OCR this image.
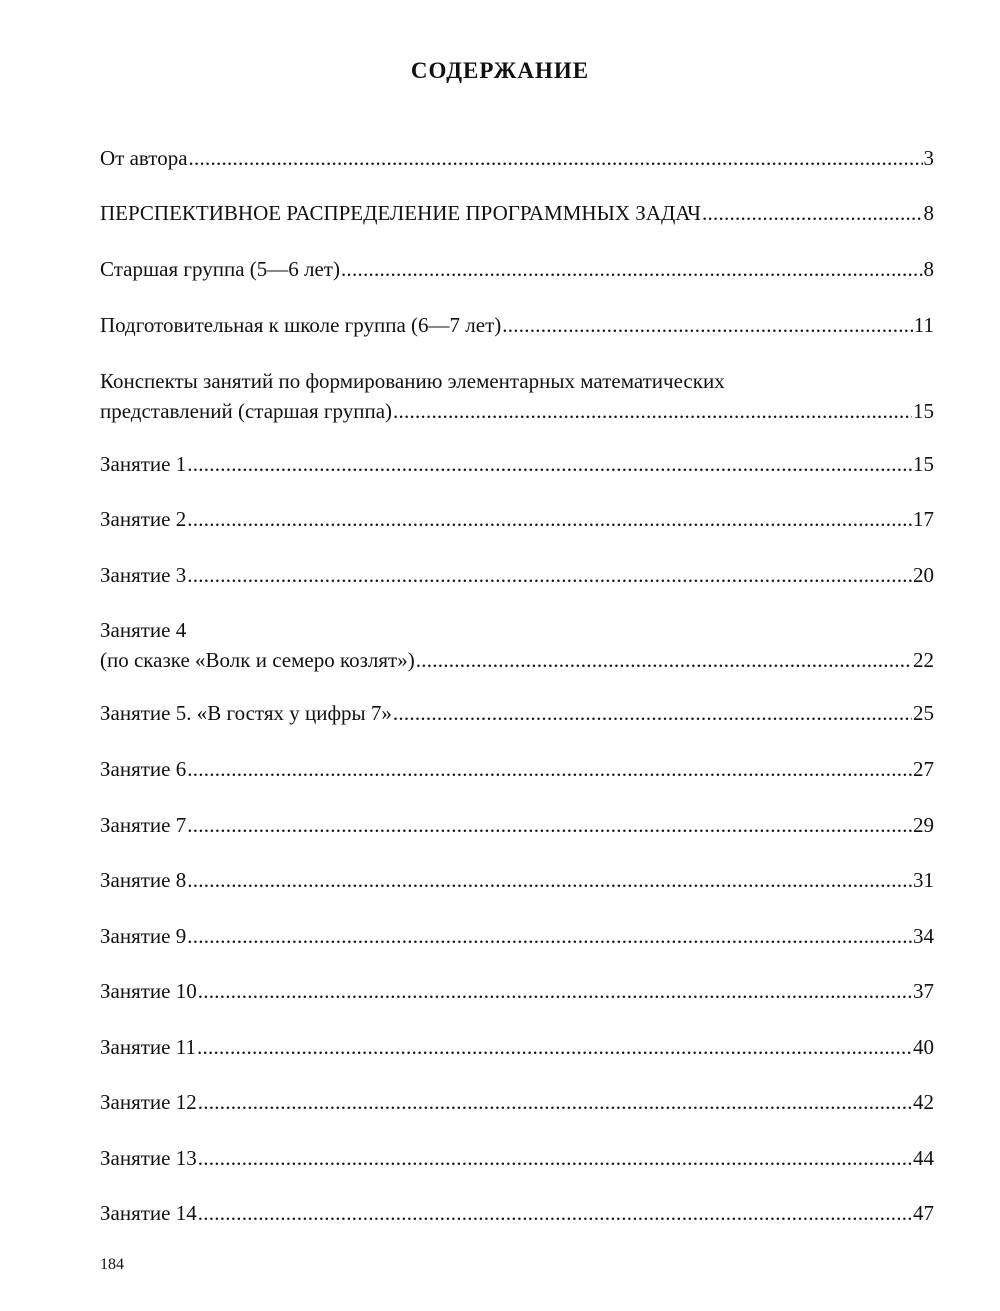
СОДЕРЖАНИЕ
От автора . . .	3
ПЕРСПЕКТИВНОЕ РАСПРЕДЕЛЕНИЕ ПРОГРАММНЫХ ЗАДАЧ . . .	8
Старшая группа (5—6 лет) . . .	8
Подготовительная к школе группа (6—7 лет) . . .	11
Конспекты занятий по формированию элементарных математических
представлений (старшая группа) . . .	15
Занятие 1 . . .	15
Занятие 2 . . .	17
Занятие 3 . . .	20
Занятие 4
(по сказке «Волк и семеро козлят») . . .	22
Занятие 5. «В гостях у цифры 7» . . .	25
Занятие 6 . . .	27
Занятие 7 . . .	29
Занятие 8 . . .	31
Занятие 9 . . .	34
Занятие 10 . . .	37
Занятие 11 . . .	40
Занятие 12 . . .	42
Занятие 13 . . .	44
Занятие 14 . . .	47
184
